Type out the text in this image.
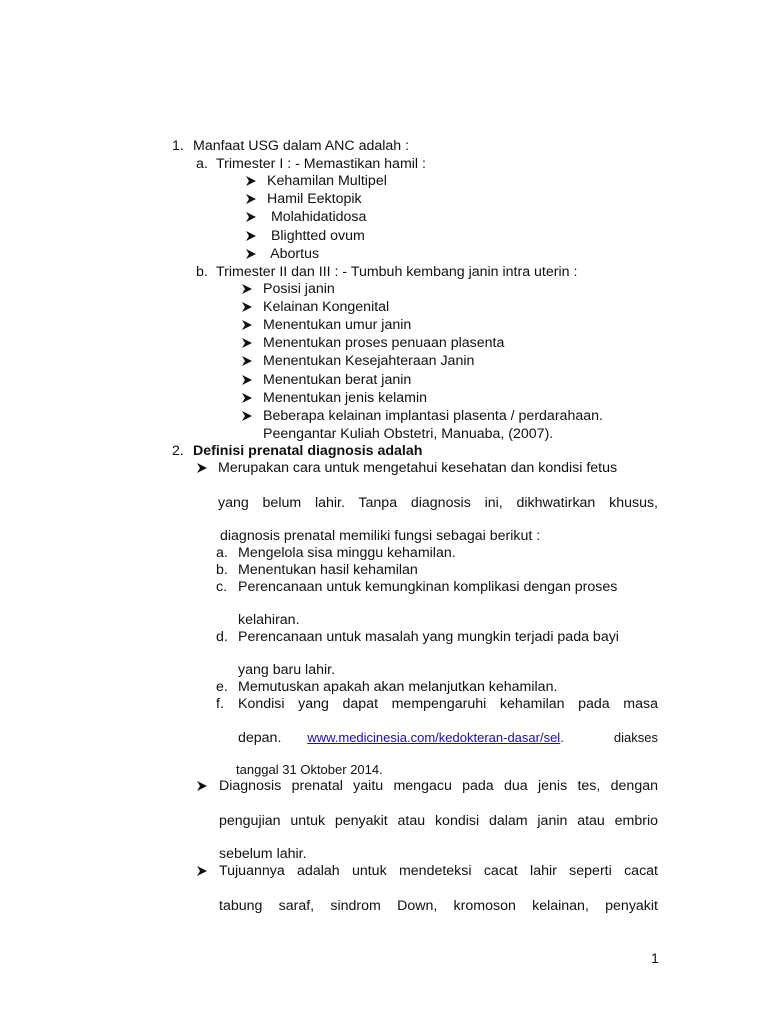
1. Manfaat USG dalam ANC adalah :
a. Trimester I : - Memastikan hamil :
Kehamilan Multipel
Hamil Eektopik
Molahidatidosa
Blightted ovum
Abortus
b. Trimester II dan III : - Tumbuh kembang janin intra uterin :
Posisi janin
Kelainan Kongenital
Menentukan umur janin
Menentukan proses penuaan plasenta
Menentukan Kesejahteraan Janin
Menentukan berat janin
Menentukan jenis kelamin
Beberapa kelainan implantasi plasenta / perdarahaan.
Peengantar Kuliah Obstetri, Manuaba, (2007).
2. Definisi prenatal diagnosis adalah
Merupakan cara untuk mengetahui kesehatan dan kondisi fetus
yang belum lahir. Tanpa diagnosis ini, dikhwatirkan khusus,
diagnosis prenatal memiliki fungsi sebagai berikut :
a. Mengelola sisa minggu kehamilan.
b. Menentukan hasil kehamilan
c. Perencanaan untuk kemungkinan komplikasi dengan proses
kelahiran.
d. Perencanaan untuk masalah yang mungkin terjadi pada bayi
yang baru lahir.
e. Memutuskan apakah akan melanjutkan kehamilan.
f. Kondisi yang dapat mempengaruhi kehamilan pada masa
depan. www.medicinesia.com/kedokteran-dasar/sel.	diakses
tanggal 31 Oktober 2014.
Diagnosis prenatal yaitu mengacu pada dua jenis tes, dengan
pengujian untuk penyakit atau kondisi dalam janin atau embrio
sebelum lahir.
Tujuannya adalah untuk mendeteksi cacat lahir seperti cacat
tabung saraf, sindrom Down, kromoson kelainan, penyakit
1
